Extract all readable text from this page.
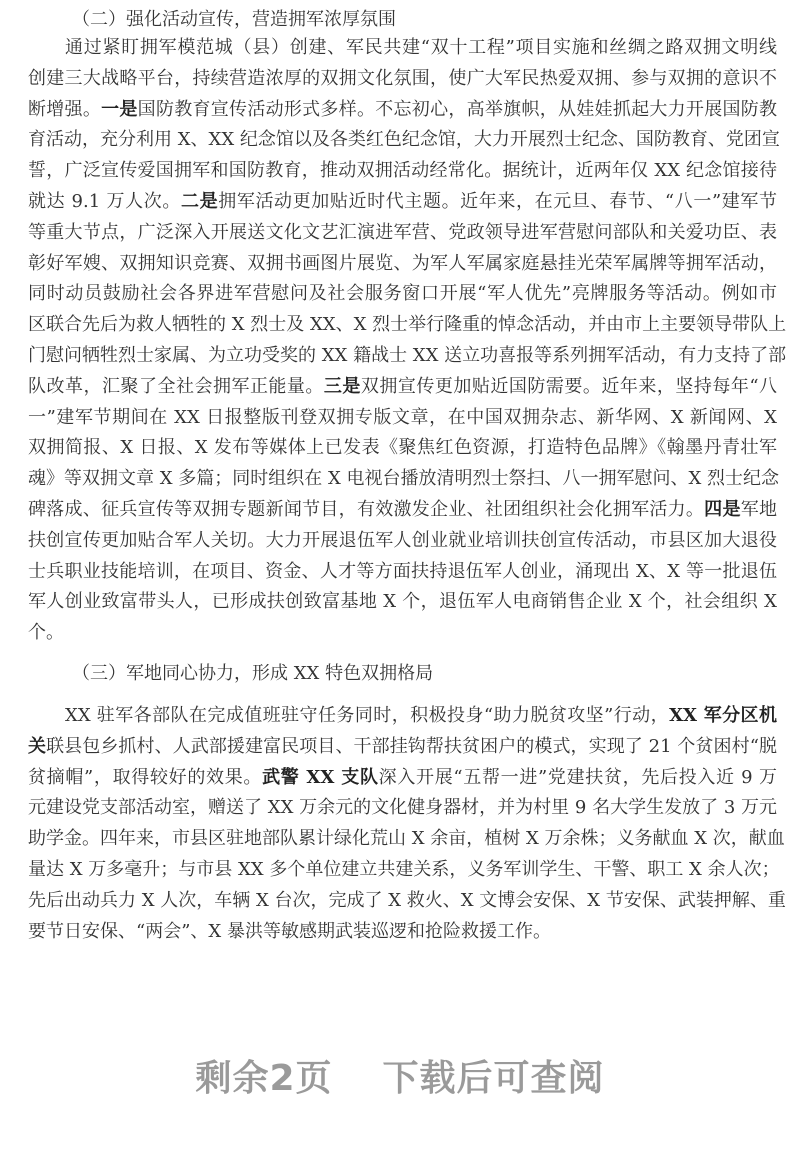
（二）强化活动宣传，营造拥军浓厚氛围
通过紧盯拥军模范城（县）创建、军民共建“双十工程”项目实施和丝绸之路双拥文明线
创建三大战略平台，持续营造浓厚的双拥文化氛围，使广大军民热爱双拥、参与双拥的意识不
断增强。一是国防教育宣传活动形式多样。不忘初心，高举旗帜，从娃娃抓起大力开展国防教
育活动，充分利用 X、XX 纪念馆以及各类红色纪念馆，大力开展烈士纪念、国防教育、党团宣
誓，广泛宣传爱国拥军和国防教育，推动双拥活动经常化。据统计，近两年仅 XX 纪念馆接待
就达 9.1 万人次。二是拥军活动更加贴近时代主题。近年来，在元旦、春节、“八一”建军节
等重大节点，广泛深入开展送文化文艺汇演进军营、党政领导进军营慰问部队和关爱功臣、表
彰好军嫂、双拥知识竞赛、双拥书画图片展览、为军人军属家庭悬挂光荣军属牌等拥军活动，
同时动员鼓励社会各界进军营慰问及社会服务窗口开展“军人优先”亮牌服务等活动。例如市
区联合先后为救人牺牲的 X 烈士及 XX、X 烈士举行隆重的悼念活动，并由市上主要领导带队上
门慰问牺牲烈士家属、为立功受奖的 XX 籍战士 XX 送立功喜报等系列拥军活动，有力支持了部
队改革，汇聚了全社会拥军正能量。三是双拥宣传更加贴近国防需要。近年来，坚持每年“八
一”建军节期间在 XX 日报整版刊登双拥专版文章，在中国双拥杂志、新华网、X 新闻网、X
双拥简报、X 日报、X 发布等媒体上已发表《聚焦红色资源，打造特色品牌》《翰墨丹青壮军
魂》等双拥文章 X 多篇；同时组织在 X 电视台播放清明烈士祭扫、八一拥军慰问、X 烈士纪念
碑落成、征兵宣传等双拥专题新闻节目，有效激发企业、社团组织社会化拥军活力。四是军地
扶创宣传更加贴合军人关切。大力开展退伍军人创业就业培训扶创宣传活动，市县区加大退役
士兵职业技能培训，在项目、资金、人才等方面扶持退伍军人创业，涌现出 X、X 等一批退伍
军人创业致富带头人，已形成扶创致富基地 X 个，退伍军人电商销售企业 X 个，社会组织 X
个。
（三）军地同心协力，形成 XX 特色双拥格局
XX 驻军各部队在完成值班驻守任务同时，积极投身“助力脱贫攻坚”行动，XX 军分区机
关联县包乡抓村、人武部援建富民项目、干部挂钩帮扶贫困户的模式，实现了 21 个贫困村“脱
贫摘帽”，取得较好的效果。武警 XX 支队深入开展“五帮一进”党建扶贫，先后投入近 9 万
元建设党支部活动室，赠送了 XX 万余元的文化健身器材，并为村里 9 名大学生发放了 3 万元
助学金。四年来，市县区驻地部队累计绿化荒山 X 余亩，植树 X 万余株；义务献血 X 次，献血
量达 X 万多毫升；与市县 XX 多个单位建立共建关系，义务军训学生、干警、职工 X 余人次；
先后出动兵力 X 人次，车辆 X 台次，完成了 X 救火、X 文博会安保、X 节安保、武装押解、重
要节日安保、“两会”、X 暴洪等敏感期武装巡逻和抢险救援工作。
剩余2页 下载后可查阅
